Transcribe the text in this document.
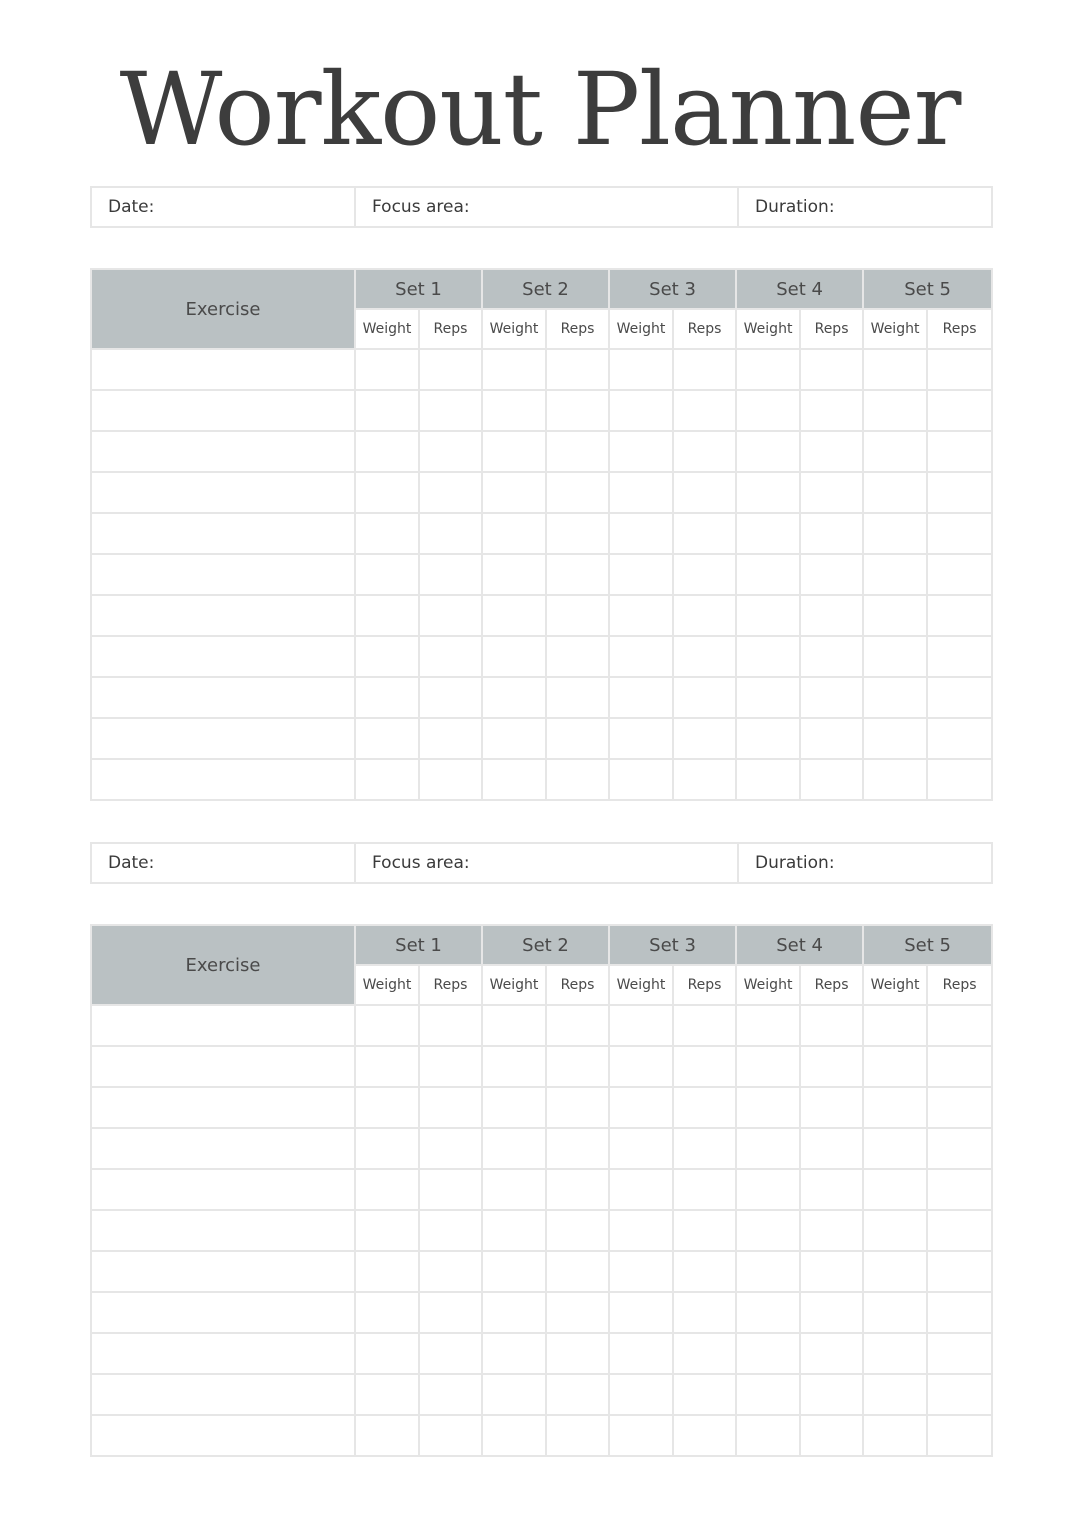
Workout Planner
Date:	Focus area:	Duration:
Exercise	Set 1		Set 2		Set 3		Set 4		Set 5	
	Weight	Reps	Weight	Reps	Weight	Reps	Weight	Reps	Weight	Reps

Date:	Focus area:	Duration:
Exercise	Set 1		Set 2		Set 3		Set 4		Set 5	
	Weight	Reps	Weight	Reps	Weight	Reps	Weight	Reps	Weight	Reps
